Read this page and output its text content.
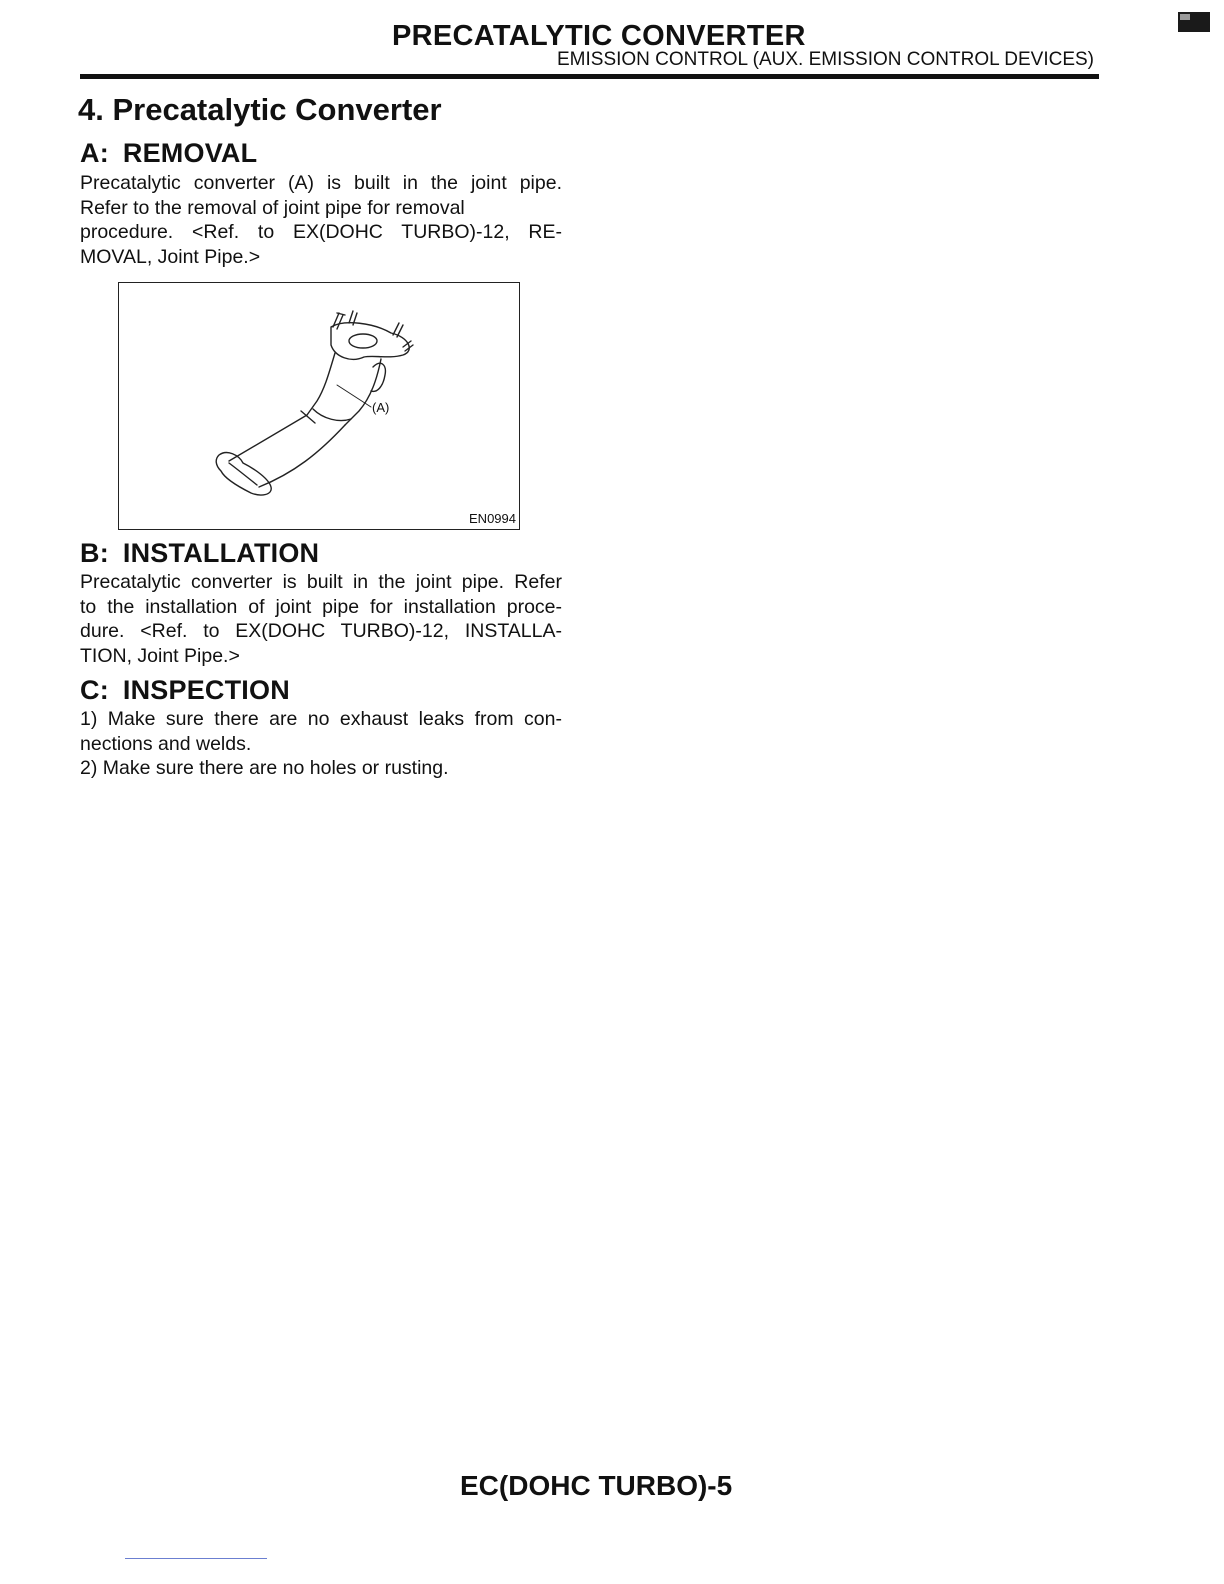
PRECATALYTIC CONVERTER
EMISSION CONTROL (AUX. EMISSION CONTROL DEVICES)
4. Precatalytic Converter
A: REMOVAL
Precatalytic converter (A) is built in the joint pipe.
Refer to the removal of joint pipe for removal
procedure. <Ref. to EX(DOHC TURBO)-12, RE-
MOVAL, Joint Pipe.>
(A)
EN0994
B: INSTALLATION
Precatalytic converter is built in the joint pipe. Refer
to the installation of joint pipe for installation proce-
dure. <Ref. to EX(DOHC TURBO)-12, INSTALLA-
TION, Joint Pipe.>
C: INSPECTION
1) Make sure there are no exhaust leaks from con-
nections and welds.
2) Make sure there are no holes or rusting.
EC(DOHC TURBO)-5
